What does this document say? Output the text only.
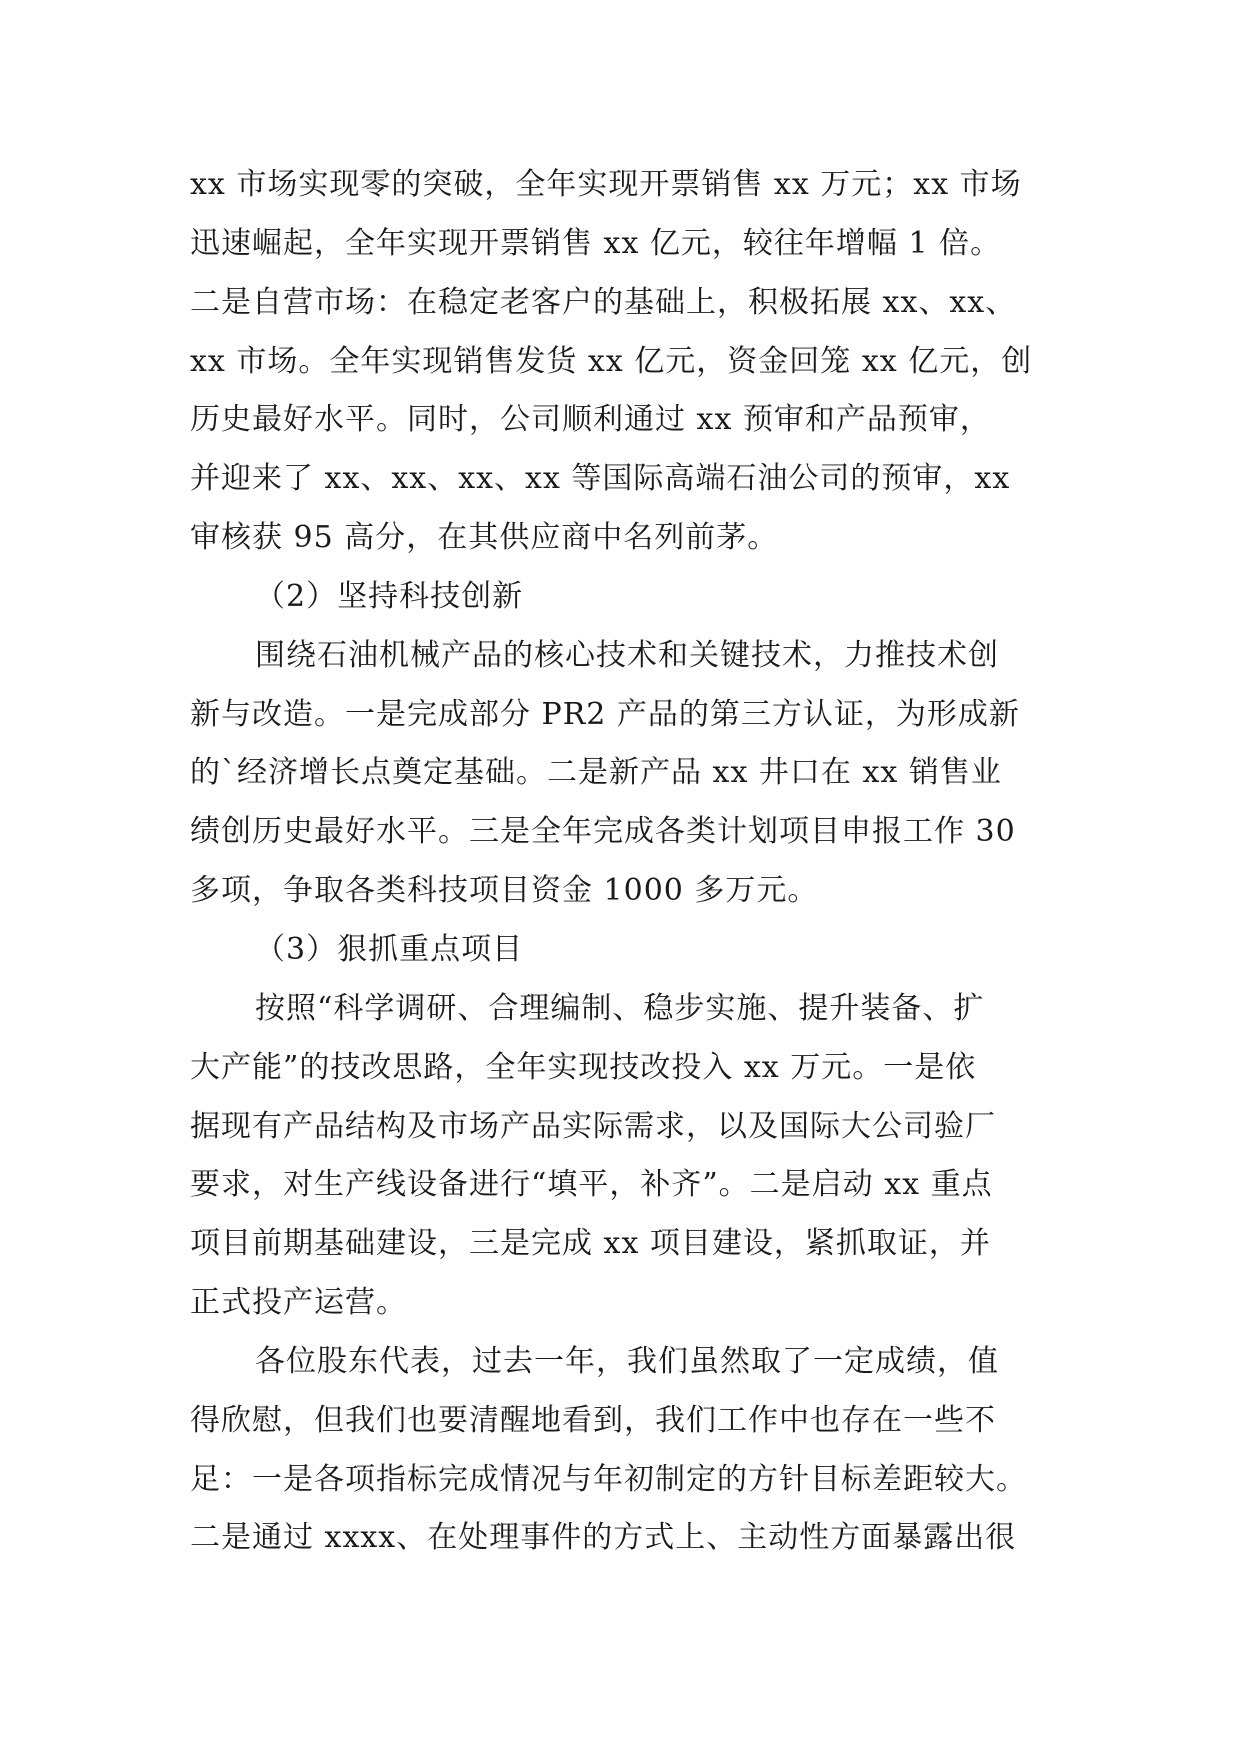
xx 市场实现零的突破，全年实现开票销售 xx 万元；xx 市场
迅速崛起，全年实现开票销售 xx 亿元，较往年增幅 1 倍。
二是自营市场：在稳定老客户的基础上，积极拓展 xx、xx、
xx 市场。全年实现销售发货 xx 亿元，资金回笼 xx 亿元，创
历史最好水平。同时，公司顺利通过 xx 预审和产品预审，
并迎来了 xx、xx、xx、xx 等国际高端石油公司的预审，xx
审核获 95 高分，在其供应商中名列前茅。
（2）坚持科技创新
围绕石油机械产品的核心技术和关键技术，力推技术创
新与改造。一是完成部分 PR2 产品的第三方认证，为形成新
的`经济增长点奠定基础。二是新产品 xx 井口在 xx 销售业
绩创历史最好水平。三是全年完成各类计划项目申报工作 30
多项，争取各类科技项目资金 1000 多万元。
（3）狠抓重点项目
按照“科学调研、合理编制、稳步实施、提升装备、扩
大产能”的技改思路，全年实现技改投入 xx 万元。一是依
据现有产品结构及市场产品实际需求，以及国际大公司验厂
要求，对生产线设备进行“填平，补齐”。二是启动 xx 重点
项目前期基础建设，三是完成 xx 项目建设，紧抓取证，并
正式投产运营。
各位股东代表，过去一年，我们虽然取了一定成绩，值
得欣慰，但我们也要清醒地看到，我们工作中也存在一些不
足：一是各项指标完成情况与年初制定的方针目标差距较大。
二是通过 xxxx、在处理事件的方式上、主动性方面暴露出很
